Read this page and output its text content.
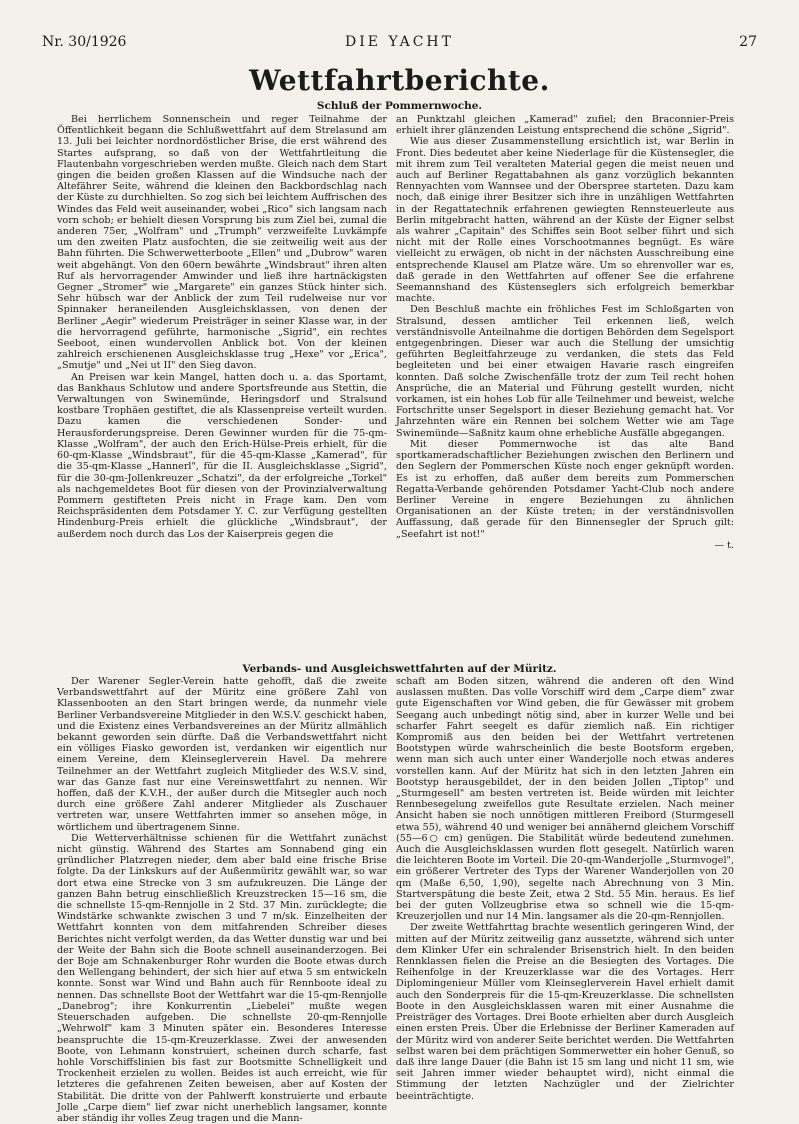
Nr. 30/1926	DIE YACHT	27
Wettfahrtberichte.
Schluß der Pommernwoche.

Bei herrlichem Sonnenschein und reger Teilnahme der Öffentlichkeit begann die Schlußwettfahrt auf dem Strelasund am 13. Juli bei leichter nordnordöstlicher Brise, die erst während des Startes aufsprang, so daß von der Wettfahrtleitung die Flautenbahn vorgeschrieben werden mußte. Gleich nach dem Start gingen die beiden großen Klassen auf die Windsuche nach der Altefährer Seite, während die kleinen den Backbordschlag nach der Küste zu durchhielten. So zog sich bei leichtem Auffrischen des Windes das Feld weit auseinander, wobei „Rico" sich langsam nach vorn schob; er behielt diesen Vorsprung bis zum Ziel bei, zumal die anderen 75er, „Wolfram" und „Trumph" verzweifelte Luvkämpfe um den zweiten Platz ausfochten, die sie zeitweilig weit aus der Bahn führten. Die Schwerwetterboote „Ellen" und „Dubrow" waren weit abgehängt. Von den 60ern bewährte „Windsbraut" ihren alten Ruf als hervorragender Amwinder und ließ ihre hartnäckigsten Gegner „Stromer" wie „Margarete" ein ganzes Stück hinter sich. Sehr hübsch war der Anblick der zum Teil rudelweise nur vor Spinnaker heraneilenden Ausgleichsklassen, von denen der Berliner „Aegir" wiederum Preisträger in seiner Klasse war, in der die hervorragend geführte, harmonische „Sigrid", ein rechtes Seeboot, einen wundervollen Anblick bot. Von der kleinen zahlreich erschienenen Ausgleichsklasse trug „Hexe" vor „Erica", „Smutje" und „Nei ut II" den Sieg davon.

An Preisen war kein Mangel, hatten doch u. a. das Sportamt, das Bankhaus Schlutow und andere Sportsfreunde aus Stettin, die Verwaltungen von Swinemünde, Heringsdorf und Stralsund kostbare Trophäen gestiftet, die als Klassenpreise verteilt wurden. Dazu kamen die verschiedenen Sonder- und Herausforderungspreise. Deren Gewinner wurden für die 75-qm-Klasse „Wolfram", der auch den Erich-Hülse-Preis erhielt, für die 60-qm-Klasse „Windsbraut", für die 45-qm-Klasse „Kamerad", für die 35-qm-Klasse „Hannerl", für die II. Ausgleichsklasse „Sigrid", für die 30-qm-Jollenkreuzer „Schatzi", da der erfolgreiche „Torkel" als nachgemeldetes Boot für diesen von der Provinzialverwaltung Pommern gestifteten Preis nicht in Frage kam. Den vom Reichspräsidenten dem Potsdamer Y. C. zur Verfügung gestellten Hindenburg-Preis erhielt die glückliche „Windsbraut", der außerdem noch durch das Los der Kaiserpreis gegen die

an Punktzahl gleichen „Kamerad" zufiel; den Braconnier-Preis erhielt ihrer glänzenden Leistung entsprechend die schöne „Sigrid".

Wie aus dieser Zusammenstellung ersichtlich ist, war Berlin in Front. Dies bedeutet aber keine Niederlage für die Küstensegler, die mit ihrem zum Teil veralteten Material gegen die meist neuen und auch auf Berliner Regattabahnen als ganz vorzüglich bekannten Rennyachten vom Wannsee und der Oberspree starteten. Dazu kam noch, daß einige ihrer Besitzer sich ihre in unzähligen Wettfahrten in der Regattatechnik erfahrenen gewiegten Rennsteuerleute aus Berlin mitgebracht hatten, während an der Küste der Eigner selbst als wahrer „Capitain" des Schiffes sein Boot selber führt und sich nicht mit der Rolle eines Vorschootmannes begnügt. Es wäre vielleicht zu erwägen, ob nicht in der nächsten Ausschreibung eine entsprechende Klausel am Platze wäre. Um so ehrenvoller war es, daß gerade in den Wettfahrten auf offener See die erfahrene Seemannshand des Küstenseglers sich erfolgreich bemerkbar machte.

Den Beschluß machte ein fröhliches Fest im Schloßgarten von Stralsund, dessen amtlicher Teil erkennen ließ, welch verständnisvolle Anteilnahme die dortigen Behörden dem Segelsport entgegenbringen. Dieser war auch die Stellung der umsichtig geführten Begleitfahrzeuge zu verdanken, die stets das Feld begleiteten und bei einer etwaigen Havarie rasch eingreifen konnten. Daß solche Zwischenfälle trotz der zum Teil recht hohen Ansprüche, die an Material und Führung gestellt wurden, nicht vorkamen, ist ein hohes Lob für alle Teilnehmer und beweist, welche Fortschritte unser Segelsport in dieser Beziehung gemacht hat. Vor Jahrzehnten wäre ein Rennen bei solchem Wetter wie am Tage Swinemünde—Saßnitz kaum ohne erhebliche Ausfälle abgegangen.

Mit dieser Pommernwoche ist das alte Band sportkameradschaftlicher Beziehungen zwischen den Berlinern und den Seglern der Pommerschen Küste noch enger geknüpft worden. Es ist zu erhoffen, daß außer dem bereits zum Pommerschen Regatta-Verbande gehörenden Potsdamer Yacht-Club noch andere Berliner Vereine in engere Beziehungen zu ähnlichen Organisationen an der Küste treten; in der verständnisvollen Auffassung, daß gerade für den Binnensegler der Spruch gilt: „Seefahrt ist not!"

— t.

Verbands- und Ausgleichswettfahrten auf der Müritz.

Der Warener Segler-Verein hatte gehofft, daß die zweite Verbandswettfahrt auf der Müritz eine größere Zahl von Klassenbooten an den Start bringen werde, da nunmehr viele Berliner Verbandsvereine Mitglieder in den W.S.V. geschickt haben, und die Existenz eines Verbandsvereines an der Müritz allmählich bekannt geworden sein dürfte. Daß die Verbandswettfahrt nicht ein völliges Fiasko geworden ist, verdanken wir eigentlich nur einem Vereine, dem Kleinseglerverein Havel. Da mehrere Teilnehmer an der Wettfahrt zugleich Mitglieder des W.S.V. sind, war das Ganze fast nur eine Vereinswettfahrt zu nennen. Wir hoffen, daß der K.V.H., der außer durch die Mitsegler auch noch durch eine größere Zahl anderer Mitglieder als Zuschauer vertreten war, unsere Wettfahrten immer so ansehen möge, in wörtlichem und übertragenem Sinne.

Die Wetterverhältnisse schienen für die Wettfahrt zunächst nicht günstig. Während des Startes am Sonnabend ging ein gründlicher Platzregen nieder, dem aber bald eine frische Brise folgte. Da der Linkskurs auf der Außenmüritz gewählt war, so war dort etwa eine Strecke von 3 sm aufzukreuzen. Die Länge der ganzen Bahn betrug einschließlich Kreuzstrecken 15—16 sm, die die schnellste 15-qm-Rennjolle in 2 Std. 37 Min. zurücklegte; die Windstärke schwankte zwischen 3 und 7 m/sk. Einzelheiten der Wettfahrt konnten von dem mitfahrenden Schreiber dieses Berichtes nicht verfolgt werden, da das Wetter dunstig war und bei der Weite der Bahn sich die Boote schnell auseinanderzogen. Bei der Boje am Schnakenburger Rohr wurden die Boote etwas durch den Wellengang behindert, der sich hier auf etwa 5 sm entwickeln konnte. Sonst war Wind und Bahn auch für Rennboote ideal zu nennen. Das schnellste Boot der Wettfahrt war die 15-qm-Rennjolle „Danebrog"; ihre Konkurrentin „Liebelei" mußte wegen Steuerschaden aufgeben. Die schnellste 20-qm-Rennjolle „Wehrwolf" kam 3 Minuten später ein. Besonderes Interesse beanspruchte die 15-qm-Kreuzerklasse. Zwei der anwesenden Boote, von Lehmann konstruiert, scheinen durch scharfe, fast hohle Vorschiffslinien bis fast zur Bootsmitte Schnelligkeit und Trockenheit erzielen zu wollen. Beides ist auch erreicht, wie für letzteres die gefahrenen Zeiten beweisen, aber auf Kosten der Stabilität. Die dritte von der Pahlwerft konstruierte und erbaute Jolle „Carpe diem" lief zwar nicht unerheblich langsamer, konnte aber ständig ihr volles Zeug tragen und die Mann-

schaft am Boden sitzen, während die anderen oft den Wind auslassen mußten. Das volle Vorschiff wird dem „Carpe diem" zwar gute Eigenschaften vor Wind geben, die für Gewässer mit grobem Seegang auch unbedingt nötig sind, aber in kurzer Welle und bei scharfer Fahrt seegelt es dafür ziemlich naß. Ein richtiger Kompromiß aus den beiden bei der Wettfahrt vertretenen Bootstypen würde wahrscheinlich die beste Bootsform ergeben, wenn man sich auch unter einer Wanderjolle noch etwas anderes vorstellen kann. Auf der Müritz hat sich in den letzten Jahren ein Bootstyp herausgebildet, der in den beiden Jollen „Tiptop" und „Sturmgesell" am besten vertreten ist. Beide würden mit leichter Rennbesegelung zweifellos gute Resultate erzielen. Nach meiner Ansicht haben sie noch unnötigen mittleren Freibord (Sturmgesell etwa 55), während 40 und weniger bei annähernd gleichem Vorschiff (55—6○ cm) genügen. Die Stabilität würde bedeutend zunehmen. Auch die Ausgleichsklassen wurden flott gesegelt. Natürlich waren die leichteren Boote im Vorteil. Die 20-qm-Wanderjolle „Sturmvogel", ein größerer Vertreter des Typs der Warener Wanderjollen von 20 qm (Maße 6,50, 1,90), segelte nach Abrechnung von 3 Min. Startverspätung die beste Zeit, etwa 2 Std. 55 Min. heraus. Es lief bei der guten Vollzeugbrise etwa so schnell wie die 15-qm-Kreuzerjollen und nur 14 Min. langsamer als die 20-qm-Rennjollen.

Der zweite Wettfahrttag brachte wesentlich geringeren Wind, der mitten auf der Müritz zeitweilig ganz aussetzte, während sich unter dem Klinker Ufer ein schralender Brisenstrich hielt. In den beiden Rennklassen fielen die Preise an die Besiegten des Vortages. Die Reihenfolge in der Kreuzerklasse war die des Vortages. Herr Diplomingenieur Müller vom Kleinseglerverein Havel erhielt damit auch den Sonderpreis für die 15-qm-Kreuzerklasse. Die schnellsten Boote in den Ausgleichsklassen waren mit einer Ausnahme die Preisträger des Vortages. Drei Boote erhielten aber durch Ausgleich einen ersten Preis. Über die Erlebnisse der Berliner Kameraden auf der Müritz wird von anderer Seite berichtet werden. Die Wettfahrten selbst waren bei dem prächtigen Sommerwetter ein hoher Genuß, so daß ihre lange Dauer (die Bahn ist 15 sm lang und nicht 11 sm, wie seit Jahren immer wieder behauptet wird), nicht einmal die Stimmung der letzten Nachzügler und der Zielrichter beeinträchtigte.
